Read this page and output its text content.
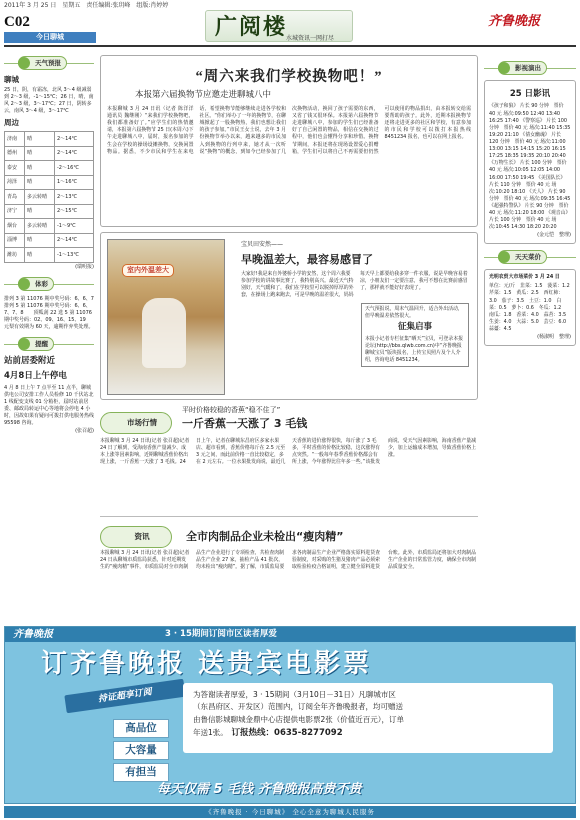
2011年 3 月 25 日　星期五　责任编辑:张玥峰　组版:肖婷婷
C02
今日聊城	广阅楼
水城资讯一网打尽
齐鲁晚报
天气预报
聊城
25 日，阴，有霜冻，北风 3～4 级减弱到 2～3 级，-1～15℃；26 日，晴，南风 2～3 级，3～17℃；27 日，阴转多云，南风 3～4 级，3～17℃
周边
济南	晴	2～14℃
德州	晴	2～14℃
泰安	晴	-2～16℃
菏泽	晴	1～16℃
青岛	多云转晴	2～13℃
济宁	晴	2～15℃
烟台	多云转晴	-1～9℃
淄博	晴	2～14℃
潍坊	晴	-1～13℃
(瑞明报)
体彩
排列 3 第 11076 期中奖号码：6、6、7　排列 5 第 11076 期中奖号码：6、6、7、7、8　　顶呱刮 22 选 5 第 11076 期中奖号码：02、09、16、15、19　　元梨有效期为 60 天，逾期作弃奖处理。
提醒
站前居委附近
4月8日上午停电
4 月 8 日上午 7 点半至 11 点半，聊城供电公司安排工作人员检修 10 千伏站北 1 线配变支线 01 分箱柜，届时站前居委、邮政局转运中心等地将会停电 4 小时，因故如果有疑问可拨打供电服务热线 95598 咨询。
(张召超)
“周六来我们学校换物吧！”
本报第六届换物节应邀走进聊城八中
本报聊城 3 月 24 日讯（记者 陈洋洋 通讯员 魏继刚）“来我们学校换物吧，我们都准备好了。”应学生们的热情邀请，本报第六届换物节 25 日(本周六)下午走进聊城八中，届时，报名参加的学生会在学校的操场设摊换物，交换闲置物品。据悉，不少市民和学生在来电话，希望换物节能够继续走进各学校和社区。“你们举办了一年的换物节，在聊城掀起了一股换物热，我们也想让我们的孩子参加。”市民王女士说，去年 3 月份换物节举办以来，越来越多的市民加入到换物的行列中来，她才从一次听说“换物”的概念，到如今已经参加了几次换物活动，换回了孩子需要的东西，又省了钱又很环保。本报第六届换物节走进聊城八中，参加的学生们已经准备好了自己闲置的物品，相信在交换的过程中，他们也会懂得分享和珍惜。换物节期间，本报还将在现场设置爱心捐赠箱，学生们可以将自己不再需要但仍然可以使用的物品捐出，由本报转交给需要帮助的孩子。此外，近期本报换物节还将走进更多的社区和学校，有意参加的市民和学校可以拨打本报热线 8451234 报名，也可以在网上报名。
室内外温差大
宝贝田安然——
早晚温差大，最容易感冒了
大家好!我是来自外婆桥小学的安然，这个周六我要参加学校的讲故事比赛了，我特别高兴。最近天气特别好，天气暖和了，我们在学校里可以脱掉厚厚的外套，在操场上跑来跑去，可是早晚的温差很大，妈妈每天早上都要给我多穿一件衣服，说是早晚容易着凉，小朋友们一定要注意，我可不想在比赛前感冒了，那样就不能好好表现了。
天气预报说，周末气温回升，适合外出活动，但早晚温差依然很大。
征集启事
本报小记者专栏征集“晒天”宝贝，可登录本报论坛(http://bbs.qlwb.com.cn)中“齐鲁晚报聊城宝贝”版块报名，上传宝贝照片及个人介绍，咨询电话 8451234。
市场行情
平时价格较稳的香蕉“稳不住了”
一斤香蕉一天涨了 3 毛钱
本报聊城 3 月 24 日讯(记者 张召超)记者 24 日了解到，受海南香蕉产量减少、成本上涨等因素影响，近期聊城香蕉价格出现上涨，一斤香蕉一天涨了 3 毛钱。24 日上午，记者在聊城东昌府区多家水果店、超市看到，香蕉价格每斤在 2.5 元至 3 元之间，而此前价格一直比较稳定，多在 2 元左右。一位水果批发商说，最近几天香蕉的进价涨得很快，每斤涨了 3 毛多，平时香蕉的价格比较稳，这次涨得有点突然。“一般每年春季香蕉价格都会有所上涨，今年涨得比往年多一些。”该批发商说，受天气因素影响，海南香蕉产量减少，加上运输成本增加，导致香蕉价格上涨。
资讯	全市肉制品企业未检出“瘦肉精”
本报聊城 3 月 24 日讯(记者 张召超)记者 24 日从聊城市质监局获悉，针对近期发生的“瘦肉精”事件，市质监局对全市肉制品生产企业进行了专项检查，共检查肉制品生产企业 27 家，抽检产品 41 批次，均未检出“瘦肉精”。据了解，市质监局要求各肉制品生产企业严格落实原料进货查验制度，对采购的生猪及猪肉产品必须索取检验检疫合格证明，建立健全原料进货台账。此外，市质监局还将加大对肉制品生产企业的日常监管力度，确保全市肉制品质量安全。
影视演出
25 日影讯
《孩子和狼》 片长 90 分钟　票价 40 元 场次:09:50 12:40 13:40 16:25 17:40 《警察巡》 片长 100 分钟　票价 40 元 场次:11:40 15:35 19:20 21:10 《倩女幽魂》 片长 120 分钟　票价 40 元 场次:11:00 13:00 13:15 14:15 15:20 16:15 17:25 18:35 19:35 20:10 20:40 《万物生长》 片长 100 分钟　票价 40 元 场次:10:05 12:05 14:00 16:00 17:50 19:45 《美国队长》 片长 110 分钟　票价 40 元 场次:10:20 18:10 《天人》 片长 90 分钟　票价 40 元 场次:09:35 16:45 《超强特警队》 片长 90 分钟　票价 40 元 场次:11:20 18:00 《观音山》 片长 100 分钟　票价 40 元 场次:10:45 14:30 18:20 20:20
(金元恺　整理)
天天菜价
光明农贸大市场菜价 3 月 24 日
单位：元/斤　韭菜：1.5　菠菜：1.2　芹菜：1.5　黄瓜：2.5　西红柿：3.0　茄子：3.5　土豆：1.0　白菜：0.5　萝卜：0.6　冬瓜：1.2　南瓜：1.8　香菜：4.0　蒜苔：3.5　生姜：4.0　大蒜：5.0　芸豆：6.0　蒜薹：4.5
(杨淑明　整理)
齐鲁晚报	3 · 15期间订阅市区读者厚爱
订齐鲁晚报 送贵宾电影票
持证超享订阅	为答谢读者厚爱，3 · 15期间（3月10日－31日）凡聊城市区
（东昌府区、开发区）范围内，订阅全年齐鲁晚报者，均可赠送
由鲁信影城聊城金鼎中心店提供电影票2张（价值近百元），订单
年送1张。　 订报热线：0635-8277092
高品位
大容量
有担当
每天仅需 5 毛钱 齐鲁晚报高贵不贵
《齐鲁晚报 · 今日聊城》 全心全意为聊城人民服务
